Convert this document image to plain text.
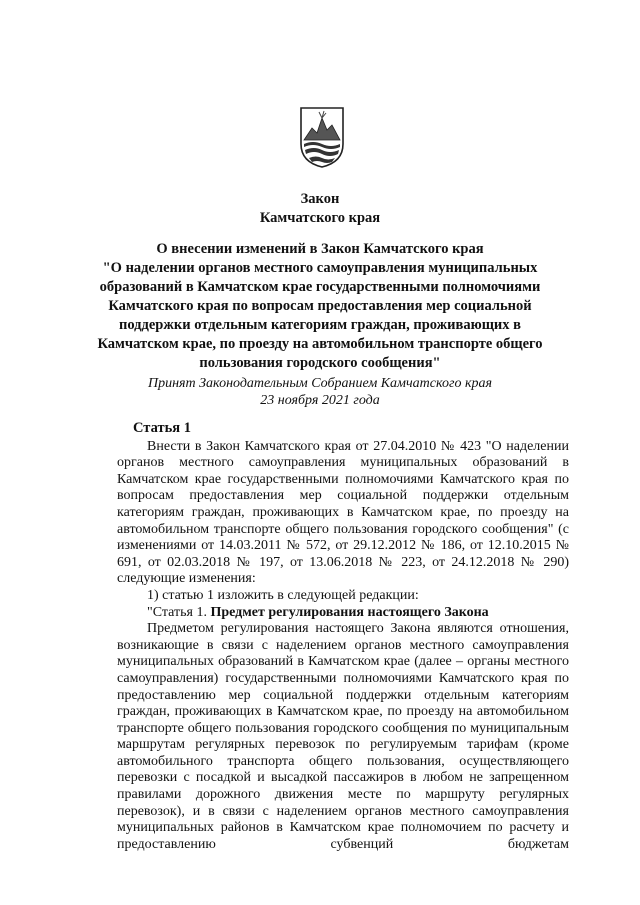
Закон
Камчатского края
О внесении изменений в Закон Камчатского края
"О наделении органов местного самоуправления муниципальных
образований в Камчатском крае государственными полномочиями
Камчатского края по вопросам предоставления мер социальной
поддержки отдельным категориям граждан, проживающих в
Камчатском крае, по проезду на автомобильном транспорте общего
пользования городского сообщения"
Принят Законодательным Собранием Камчатского края
23 ноября 2021 года
Статья 1

Внести в Закон Камчатского края от 27.04.2010 № 423 "О наделении органов местного самоуправления муниципальных образований в Камчатском крае государственными полномочиями Камчатского края по вопросам предоставления мер социальной поддержки отдельным категориям граждан, проживающих в Камчатском крае, по проезду на автомобильном транспорте общего пользования городского сообщения" (с изменениями от 14.03.2011 № 572, от 29.12.2012 № 186, от 12.10.2015 № 691, от 02.03.2018 № 197, от 13.06.2018 № 223, от 24.12.2018 № 290) следующие изменения:

1) статью 1 изложить в следующей редакции:

"Статья 1. Предмет регулирования настоящего Закона

Предметом регулирования настоящего Закона являются отношения, возникающие в связи с наделением органов местного самоуправления муниципальных образований в Камчатском крае (далее – органы местного самоуправления) государственными полномочиями Камчатского края по предоставлению мер социальной поддержки отдельным категориям граждан, проживающих в Камчатском крае, по проезду на автомобильном транспорте общего пользования городского сообщения по муниципальным маршрутам регулярных перевозок по регулируемым тарифам (кроме автомобильного транспорта общего пользования, осуществляющего перевозки с посадкой и высадкой пассажиров в любом не запрещенном правилами дорожного движения месте по маршруту регулярных перевозок), и в связи с наделением органов местного самоуправления муниципальных районов в Камчатском крае полномочием по расчету и предоставлению субвенций бюджетам
